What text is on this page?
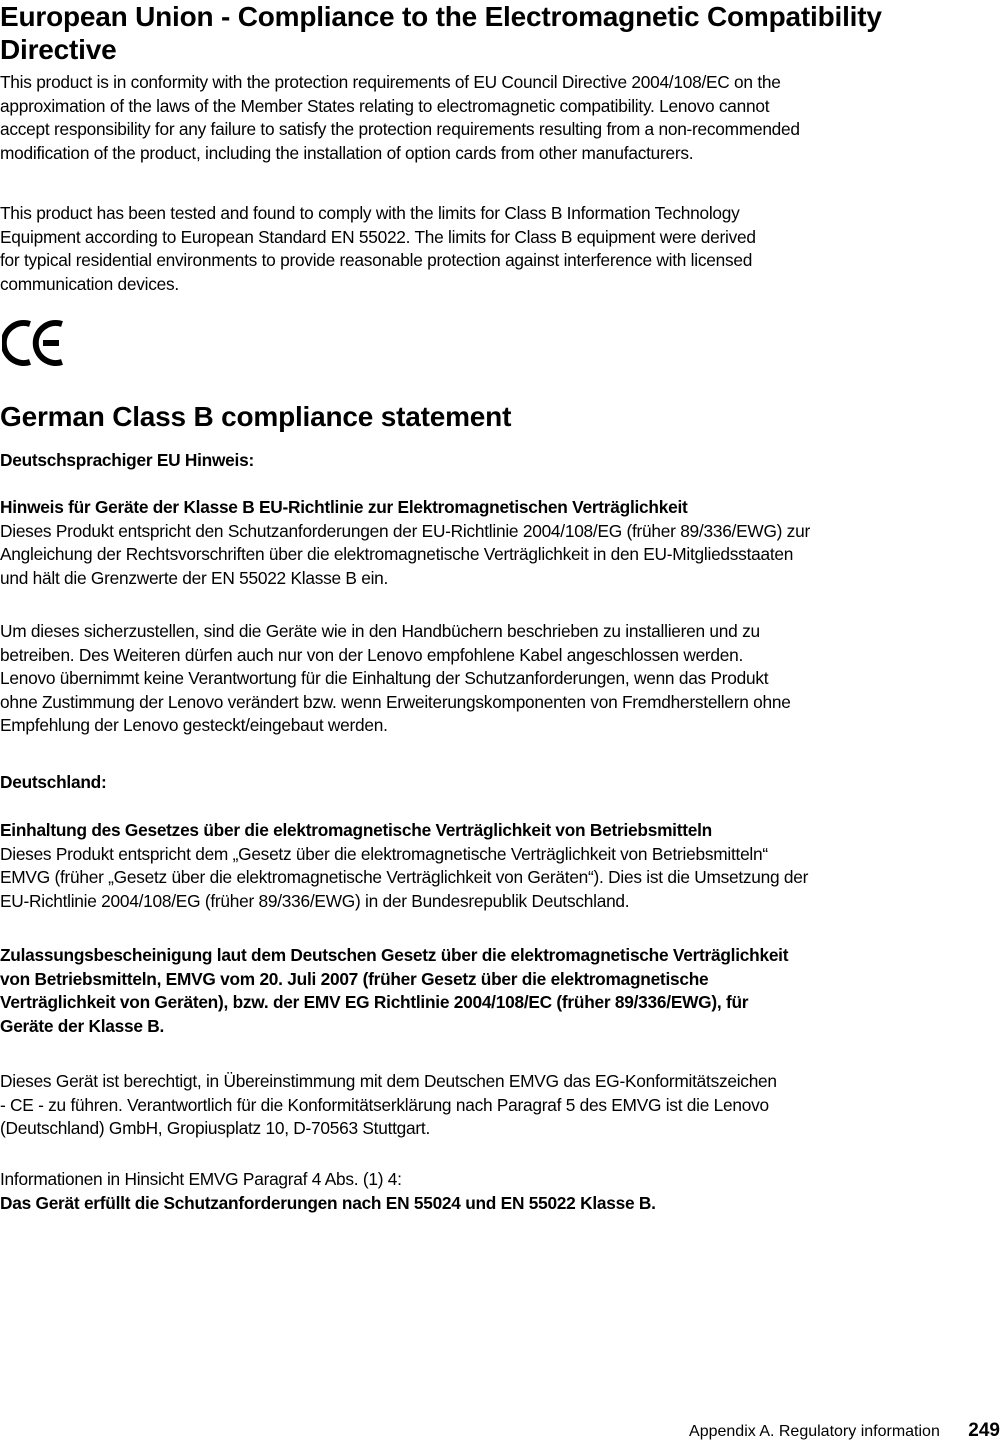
European Union - Compliance to the Electromagnetic Compatibility Directive

This product is in conformity with the protection requirements of EU Council Directive 2004/108/EC on the
approximation of the laws of the Member States relating to electromagnetic compatibility. Lenovo cannot
accept responsibility for any failure to satisfy the protection requirements resulting from a non-recommended
modification of the product, including the installation of option cards from other manufacturers.

This product has been tested and found to comply with the limits for Class B Information Technology
Equipment according to European Standard EN 55022. The limits for Class B equipment were derived
for typical residential environments to provide reasonable protection against interference with licensed
communication devices.

German Class B compliance statement

Deutschsprachiger EU Hinweis:

Hinweis für Geräte der Klasse B EU-Richtlinie zur Elektromagnetischen Verträglichkeit
Dieses Produkt entspricht den Schutzanforderungen der EU-Richtlinie 2004/108/EG (früher 89/336/EWG) zur
Angleichung der Rechtsvorschriften über die elektromagnetische Verträglichkeit in den EU-Mitgliedsstaaten
und hält die Grenzwerte der EN 55022 Klasse B ein.

Um dieses sicherzustellen, sind die Geräte wie in den Handbüchern beschrieben zu installieren und zu
betreiben. Des Weiteren dürfen auch nur von der Lenovo empfohlene Kabel angeschlossen werden.
Lenovo übernimmt keine Verantwortung für die Einhaltung der Schutzanforderungen, wenn das Produkt
ohne Zustimmung der Lenovo verändert bzw. wenn Erweiterungskomponenten von Fremdherstellern ohne
Empfehlung der Lenovo gesteckt/eingebaut werden.

Deutschland:

Einhaltung des Gesetzes über die elektromagnetische Verträglichkeit von Betriebsmitteln
Dieses Produkt entspricht dem „Gesetz über die elektromagnetische Verträglichkeit von Betriebsmitteln“
EMVG (früher „Gesetz über die elektromagnetische Verträglichkeit von Geräten“). Dies ist die Umsetzung der
EU-Richtlinie 2004/108/EG (früher 89/336/EWG) in der Bundesrepublik Deutschland.

Zulassungsbescheinigung laut dem Deutschen Gesetz über die elektromagnetische Verträglichkeit
von Betriebsmitteln, EMVG vom 20. Juli 2007 (früher Gesetz über die elektromagnetische
Verträglichkeit von Geräten), bzw. der EMV EG Richtlinie 2004/108/EC (früher 89/336/EWG), für
Geräte der Klasse B.

Dieses Gerät ist berechtigt, in Übereinstimmung mit dem Deutschen EMVG das EG-Konformitätszeichen
- CE - zu führen. Verantwortlich für die Konformitätserklärung nach Paragraf 5 des EMVG ist die Lenovo
(Deutschland) GmbH, Gropiusplatz 10, D-70563 Stuttgart.

Informationen in Hinsicht EMVG Paragraf 4 Abs. (1) 4:
Das Gerät erfüllt die Schutzanforderungen nach EN 55024 und EN 55022 Klasse B.

Appendix A. Regulatory information 249
